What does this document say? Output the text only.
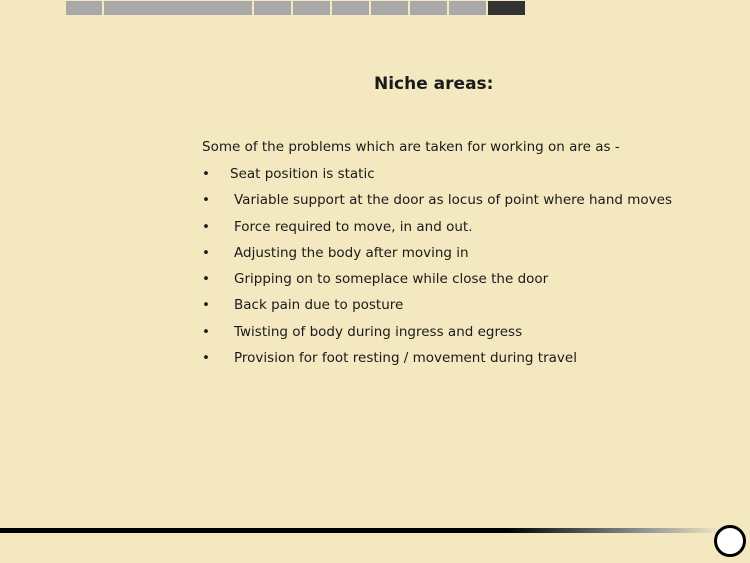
Niche areas:

Some of the problems which are taken for working on are as -

•	Seat position is static
•	Variable support at the door as locus of point where hand moves
•	Force required to move, in and out.
•	Adjusting the body after moving in
•	Gripping on to someplace while close the door
•	Back pain due to posture
•	Twisting of body during ingress and egress
•	Provision for foot resting / movement during travel
